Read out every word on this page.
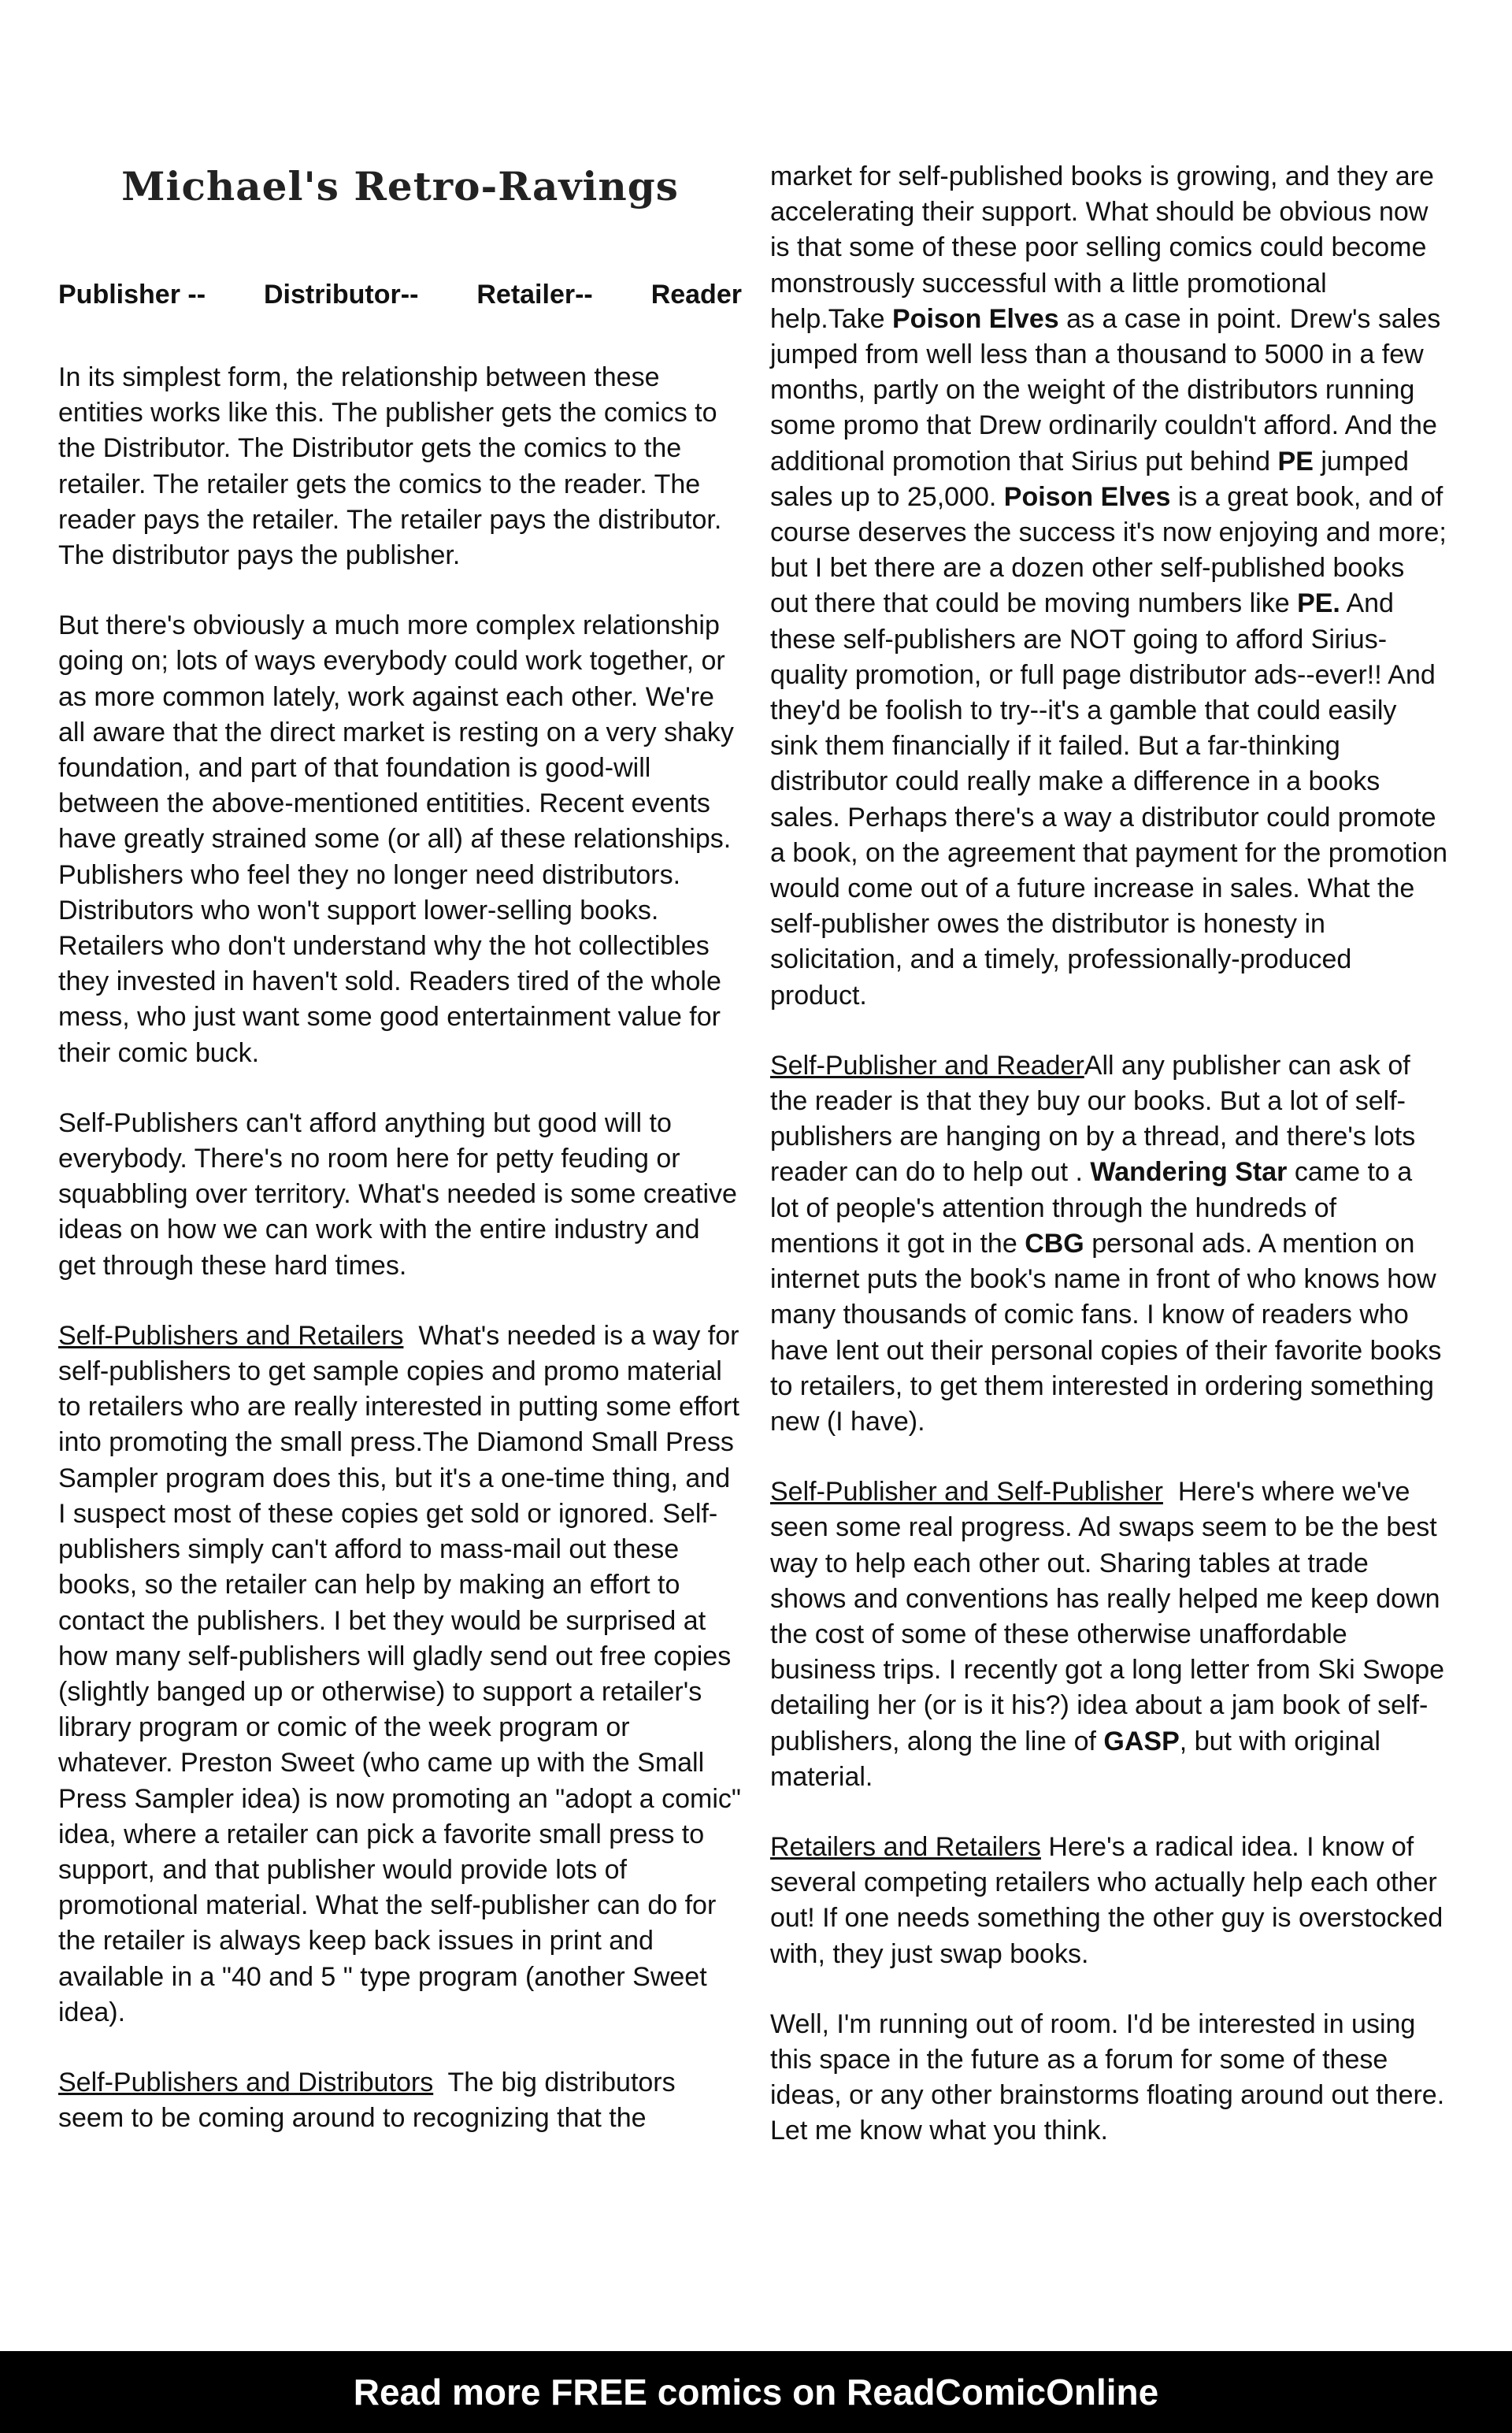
Michael's Retro-Ravings
Publisher -- Distributor-- Retailer-- Reader

In its simplest form, the relationship between these entities works like this. The publisher gets the comics to the Distributor. The Distributor gets the comics to the retailer. The retailer gets the comics to the reader. The reader pays the retailer. The retailer pays the distributor. The distributor pays the publisher.

But there's obviously a much more complex relationship going on; lots of ways everybody could work together, or as more common lately, work against each other. We're all aware that the direct market is resting on a very shaky foundation, and part of that foundation is good-will between the above-mentioned entitities. Recent events have greatly strained some (or all) af these relationships. Publishers who feel they no longer need distributors. Distributors who won't support lower-selling books. Retailers who don't understand why the hot collectibles they invested in haven't sold. Readers tired of the whole mess, who just want some good entertainment value for their comic buck.

Self-Publishers can't afford anything but good will to everybody. There's no room here for petty feuding or squabbling over territory. What's needed is some creative ideas on how we can work with the entire industry and get through these hard times.

Self-Publishers and Retailers What's needed is a way for self-publishers to get sample copies and promo material to retailers who are really interested in putting some effort into promoting the small press.The Diamond Small Press Sampler program does this, but it's a one-time thing, and I suspect most of these copies get sold or ignored. Self-publishers simply can't afford to mass-mail out these books, so the retailer can help by making an effort to contact the publishers. I bet they would be surprised at how many self-publishers will gladly send out free copies (slightly banged up or otherwise) to support a retailer's library program or comic of the week program or whatever. Preston Sweet (who came up with the Small Press Sampler idea) is now promoting an "adopt a comic" idea, where a retailer can pick a favorite small press to support, and that publisher would provide lots of promotional material. What the self-publisher can do for the retailer is always keep back issues in print and available in a "40 and 5 " type program (another Sweet idea).

Self-Publishers and Distributors The big distributors seem to be coming around to recognizing that the

market for self-published books is growing, and they are accelerating their support. What should be obvious now is that some of these poor selling comics could become monstrously successful with a little promotional help.Take Poison Elves as a case in point. Drew's sales jumped from well less than a thousand to 5000 in a few months, partly on the weight of the distributors running some promo that Drew ordinarily couldn't afford. And the additional promotion that Sirius put behind PE jumped sales up to 25,000. Poison Elves is a great book, and of course deserves the success it's now enjoying and more; but I bet there are a dozen other self-published books out there that could be moving numbers like PE. And these self-publishers are NOT going to afford Sirius-quality promotion, or full page distributor ads--ever!! And they'd be foolish to try--it's a gamble that could easily sink them financially if it failed. But a far-thinking distributor could really make a difference in a books sales. Perhaps there's a way a distributor could promote a book, on the agreement that payment for the promotion would come out of a future increase in sales. What the self-publisher owes the distributor is honesty in solicitation, and a timely, professionally-produced product.

Self-Publisher and ReaderAll any publisher can ask of the reader is that they buy our books. But a lot of self-publishers are hanging on by a thread, and there's lots reader can do to help out . Wandering Star came to a lot of people's attention through the hundreds of mentions it got in the CBG personal ads. A mention on internet puts the book's name in front of who knows how many thousands of comic fans. I know of readers who have lent out their personal copies of their favorite books to retailers, to get them interested in ordering something new (I have).

Self-Publisher and Self-Publisher Here's where we've seen some real progress. Ad swaps seem to be the best way to help each other out. Sharing tables at trade shows and conventions has really helped me keep down the cost of some of these otherwise unaffordable business trips. I recently got a long letter from Ski Swope detailing her (or is it his?) idea about a jam book of self-publishers, along the line of GASP, but with original material.

Retailers and Retailers Here's a radical idea. I know of several competing retailers who actually help each other out! If one needs something the other guy is overstocked with, they just swap books.

Well, I'm running out of room. I'd be interested in using this space in the future as a forum for some of these ideas, or any other brainstorms floating around out there. Let me know what you think.

Read more FREE comics on ReadComicOnline
